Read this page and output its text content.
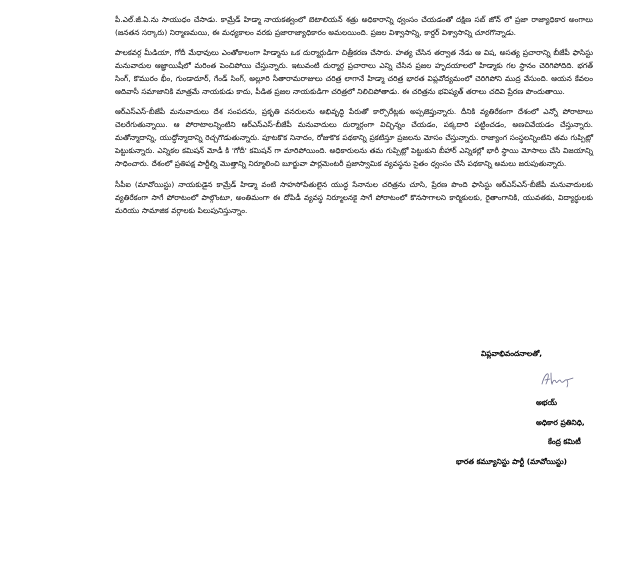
పీ.ఎల్.జీ.ఏ.ను సాయుధం చేసాడు. కామ్రేడ్ హిడ్మా నాయకత్వంలో బెటాలియన్ శత్రు అధికారాన్ని ధ్వంసం చేయడంతో దక్షిణ సబ్ జోన్ లో ప్రజా రాజ్యాధికార అంగాలు (జనతన సర్కారు) నిర్మాణమయి, ఈ మధ్యకాలం వరకు ప్రజారాజ్యాధికారం అమలయింది. ప్రజల విశ్వాసాన్ని, కార్డర్ విశ్వాసాన్ని చూరగొన్నాడు.

పాలకవర్గ మీడియా, గోదీ మేధావులు ఎంతోకాలంగా హిడ్మాను ఒక దుర్మార్గుడిగా చిత్రీకరణ చేసారు. హత్య చేసిన తర్వాత నేడు ఆ విష, అసత్య ప్రచారాన్ని బీజేపీ ఫాసిస్టు మనువాదుల ఆజ్ఞాయిషీలో మరింత పెంచిపోయి చేస్తున్నారు. ఇటువంటి దుర్మార్గ ప్రచారాలు ఎన్ని చేసిన ప్రజల హృదయాలలో హిడ్మాకు గల స్థానం చెరిగిపోదిది. భగత్ సింగ్, కొమురం భీం, గుండాదూర్, గేండ్ సింగ్, అల్లూరి సీతారామరాజులు చరిత్ర లాగానే హిడ్మా చరిత్ర భారత విప్లవోద్యమంలో చెరిగిపోని ముద్ర వేసుంది. ఆయన కేవలం ఆదివాసీ సమాజానికి మాత్రమే నాయకుడు కాదు, పీడిత ప్రజల నాయకుడిగా చరిత్రలో నిలిచిపోతాడు. ఈ చరిత్రను భవిష్యత్ తరాలు చదివి ప్రేరణ పొందుతాయి.

ఆర్ఎస్ఎస్-బీజేపీ మనువాదులు దేశ సంపదను, ప్రకృతి వనరులను అభివృద్ధి పేరుతో కార్పొరేట్లకు అప్పజెప్తున్నారు. దీనికి వ్యతిరేకంగా దేశంలో ఎన్నో పోరాటాలు చెలరేగుతున్నాయి. ఆ పోరాటాలన్నింటిని ఆర్ఎస్ఎస్-బీజేపీ మనువాదులు దుర్మార్గంగా విచ్ఛిన్నం చేయడం, పక్కదారి పట్టించడం, అణచివేయడం చేస్తున్నారు. మతోన్మాదాన్ని, యుద్ధోన్మాదాన్ని రెచ్చగొడుతున్నారు. పూటకొక నినాదం, రోజుకొక పథకాన్ని ప్రకటిస్తూ ప్రజలను మోసం చేస్తున్నారు. రాజ్యాంగ సంస్థలన్నింటిని తమ గుప్పిట్లో పెట్టుకున్నారు. ఎన్నికల కమిషన్ మోడీ కి 'గోదీ' కమిషన్ గా మారిపోయింది. అధికారులను తమ గుప్పిట్లో పెట్టుకుని బీహార్ ఎన్నికల్లో భారీ స్థాయి మోసాలు చేసి విజయాన్ని సాధించారు. దేశంలో ప్రతిపక్ష పార్టీల్ని మొత్తాన్ని నిర్మూలించి బూర్జువా పార్లమెంటరీ ప్రజాస్వామిక వ్యవస్థను సైతం ధ్వంసం చేసే పథకాన్ని అమలు జరుపుతున్నారు.

సీపీఐ (మావోయిస్టు) నాయకుడైన కామ్రేడ్ హిడ్మా వంటి సాహసోపేతులైన యుద్ధ సేనానుల చరిత్రను చూసి, ప్రేరణ పొంది ఫాసిస్టు ఆర్ఎస్ఎస్-బీజేపీ మనువాదులకు వ్యతిరేకంగా సాగే పోరాటంలో పాల్గొంటూ, అంతిమంగా ఈ దోపిడీ వ్యవస్థ నిర్మూలనకై సాగే పోరాటంలో కొనసాగాలని కార్మికులకు, రైతాంగానికి, యువతకు, విద్యార్థులకు మరియు సామాజిక వర్గాలకు పిలుపునిస్తున్నాం.

విప్లవాభివందనాలతో,
అభయ్
అధికార ప్రతినిధి,
కేంద్ర కమిటీ
భారత కమ్యూనిస్టు పార్టీ (మావోయిస్టు)
